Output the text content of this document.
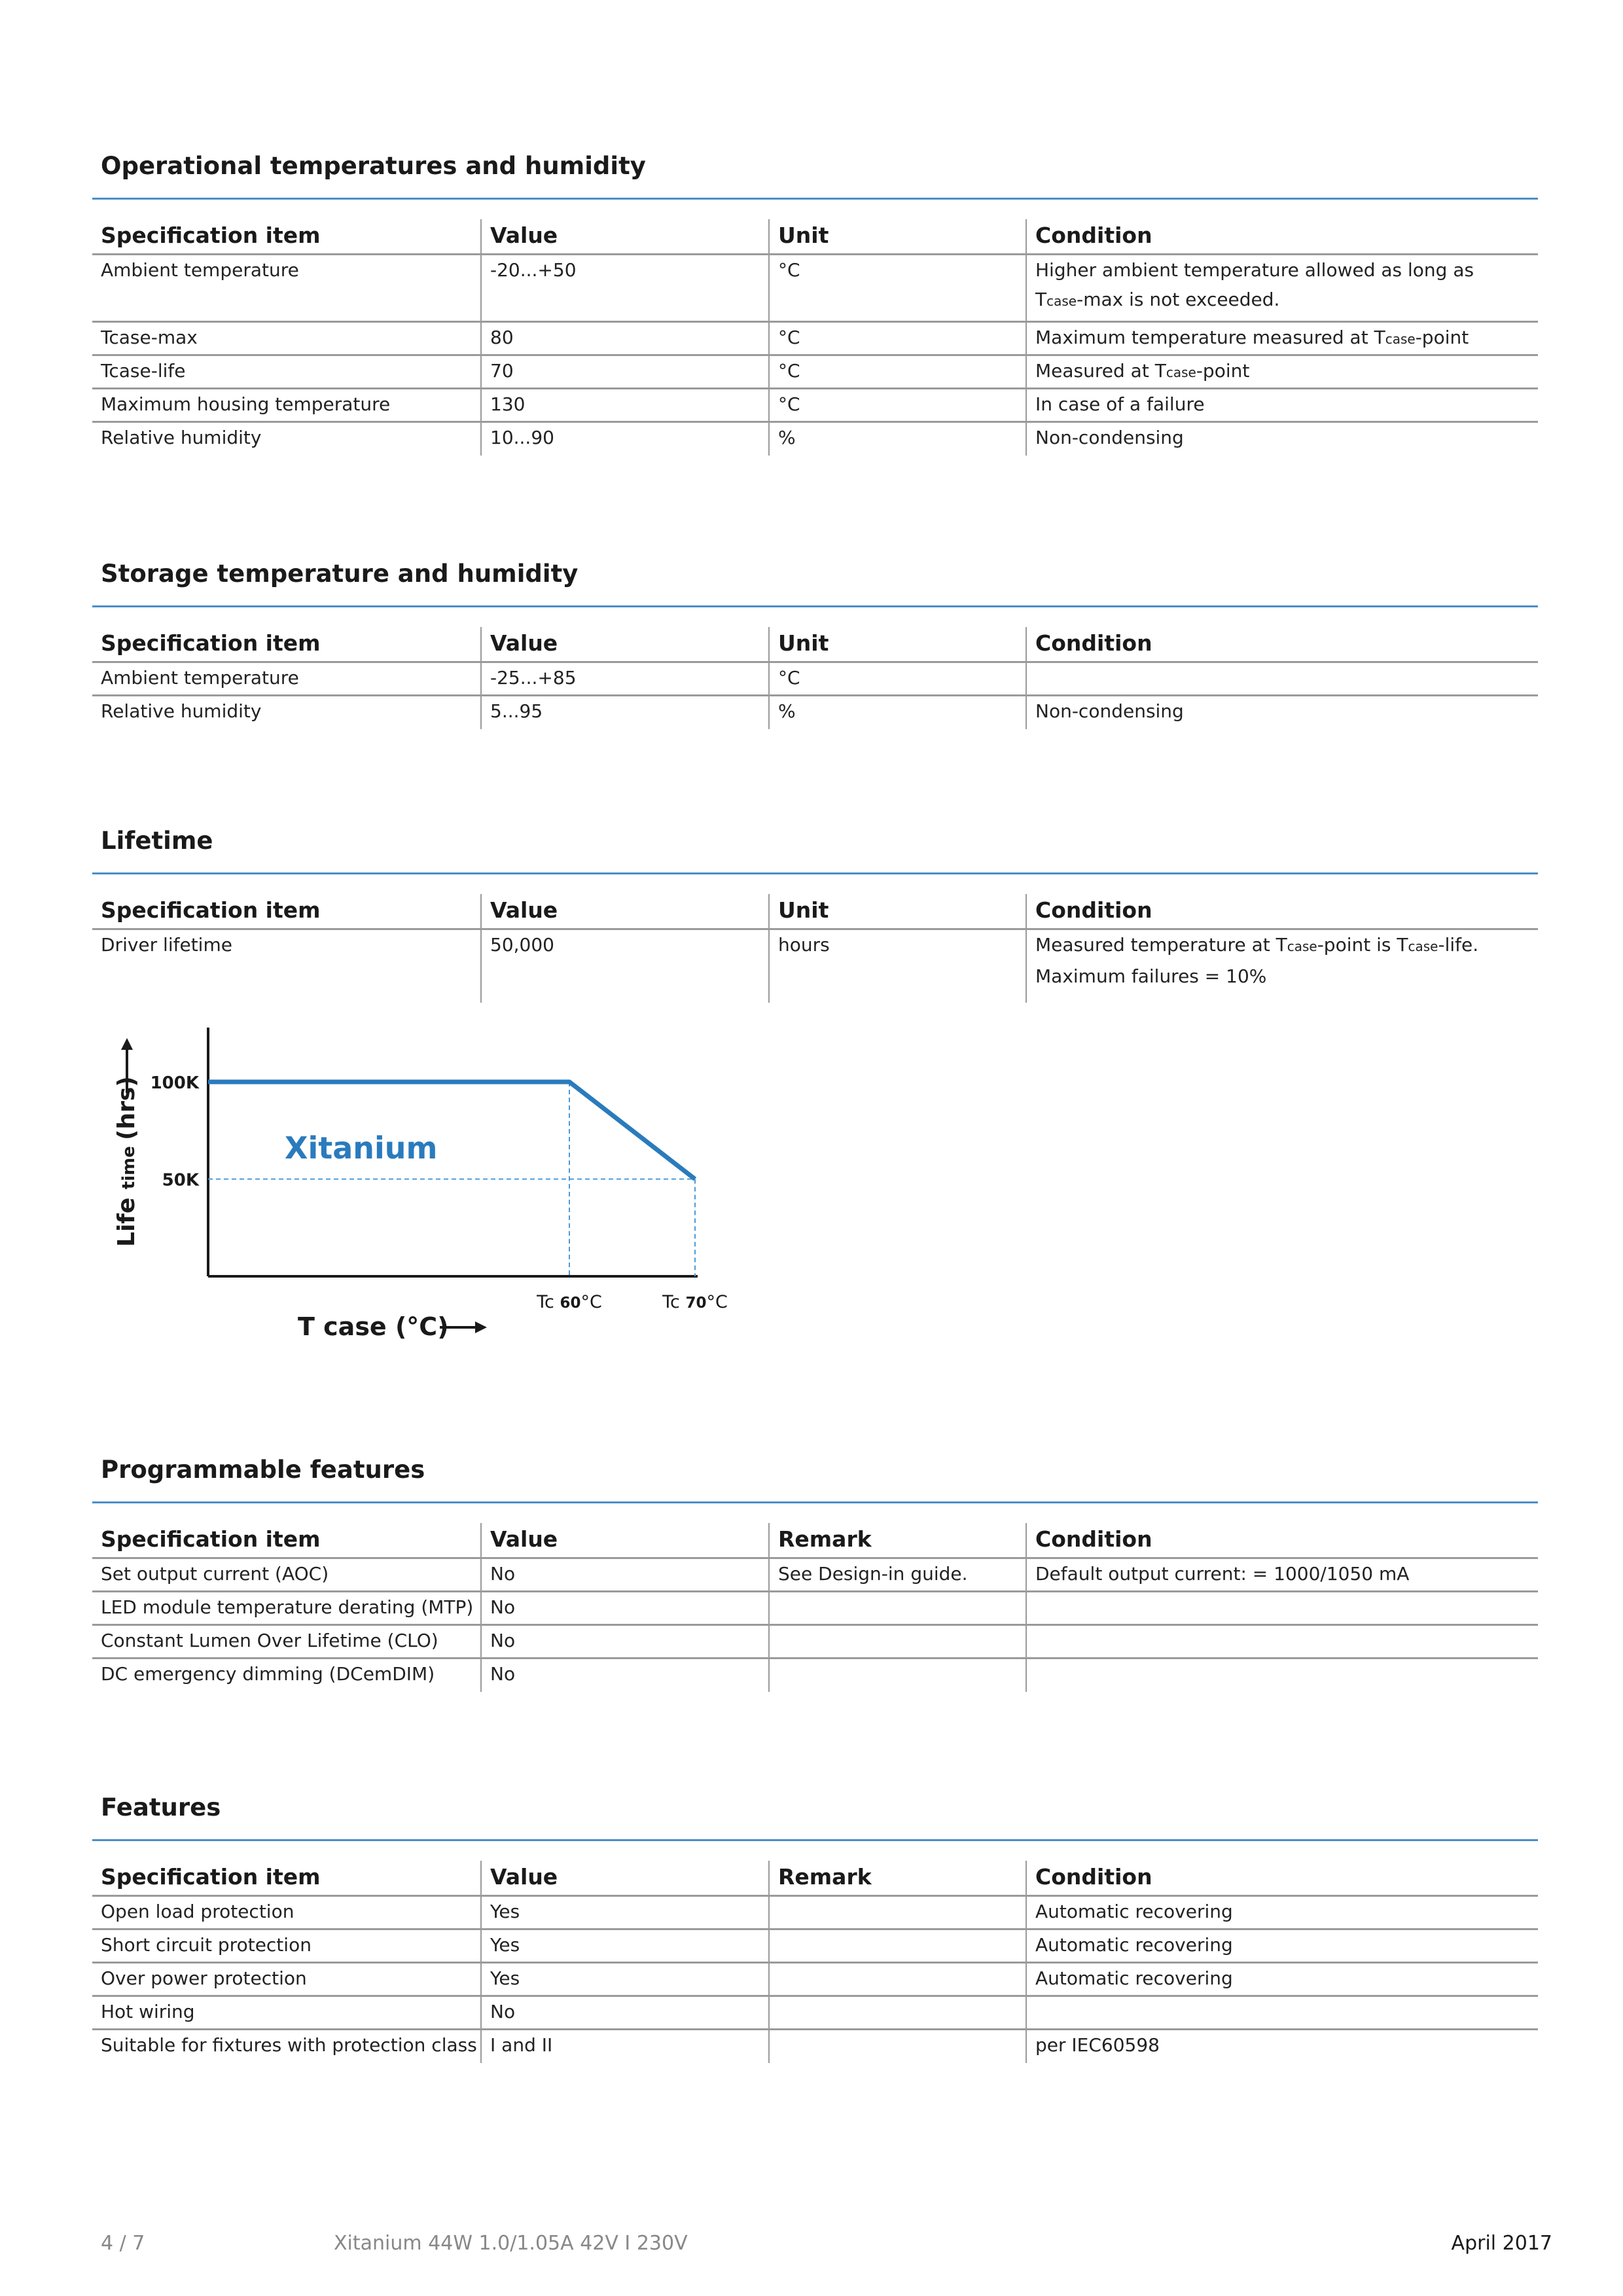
Operational temperatures and humidity
Specification item	Value	Unit	Condition
Ambient temperature	-20...+50	°C	Higher ambient temperature allowed as long as
Tcase-max is not exceeded.
Tcase-max	80	°C	Maximum temperature measured at Tcase-point
Tcase-life	70	°C	Measured at Tcase-point
Maximum housing temperature	130	°C	In case of a failure
Relative humidity	10...90	%	Non-condensing
Storage temperature and humidity
Specification item	Value	Unit	Condition
Ambient temperature	-25...+85	°C	
Relative humidity	5...95	%	Non-condensing
Lifetime
Specification item	Value	Unit	Condition
Driver lifetime	50,000	hours	Measured temperature at Tcase-point is Tcase-life.
Maximum failures = 10%
Xitanium
100K
50K
Tc 60°C	Tc 70°C
T case (°C)
Life time (hrs)
Programmable features
Specification item	Value	Remark	Condition
Set output current (AOC)	No	See Design-in guide.	Default output current: = 1000/1050 mA
LED module temperature derating (MTP)	No		
Constant Lumen Over Lifetime (CLO)	No		
DC emergency dimming (DCemDIM)	No		
Features
Specification item	Value	Remark	Condition
Open load protection	Yes		Automatic recovering
Short circuit protection	Yes		Automatic recovering
Over power protection	Yes		Automatic recovering
Hot wiring	No		
Suitable for fixtures with protection class	I and II		per IEC60598
4 / 7	Xitanium 44W 1.0/1.05A 42V I 230V	April 2017
